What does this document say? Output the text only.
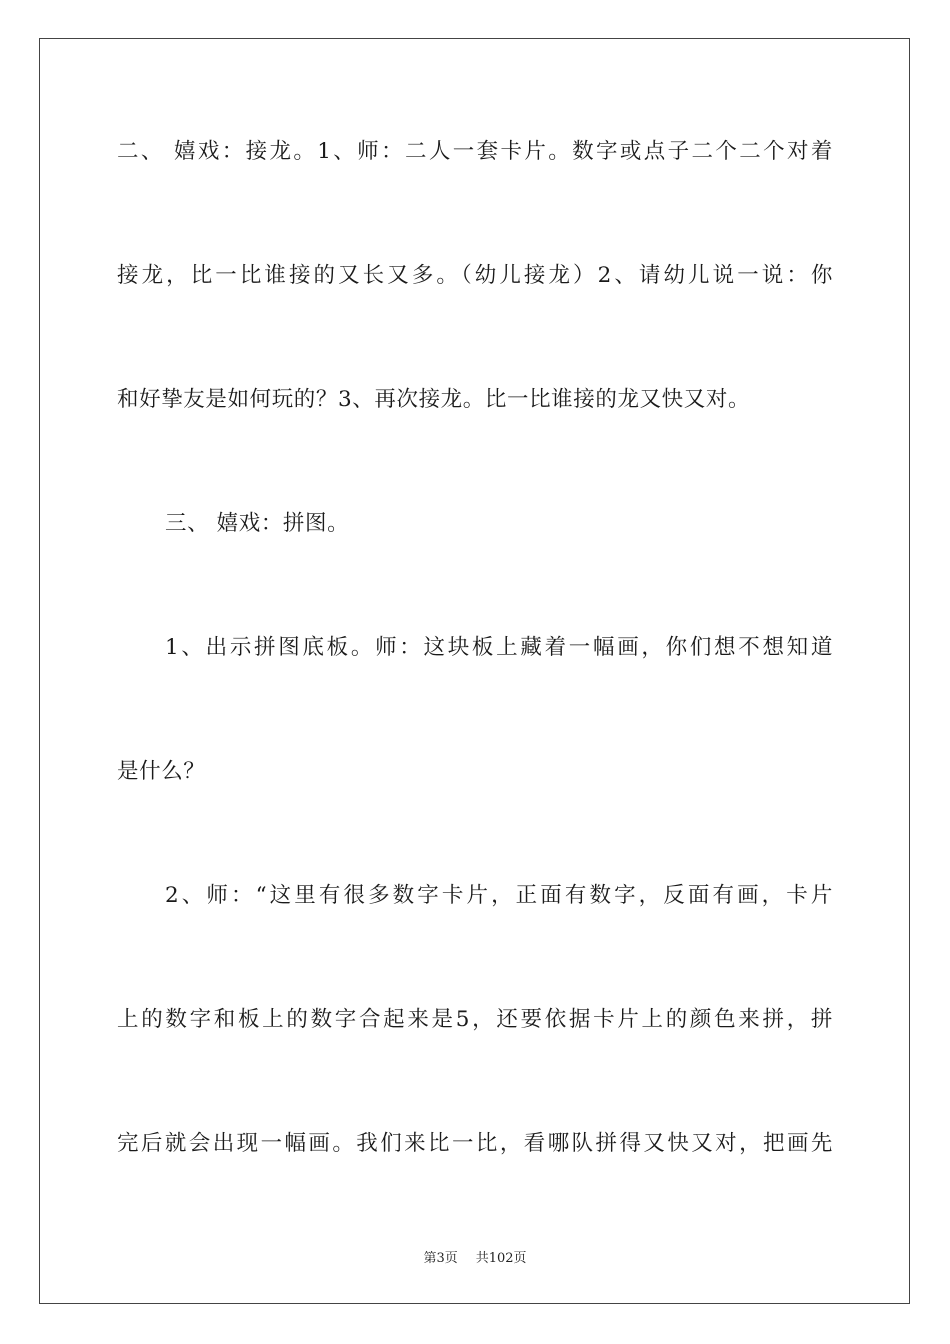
二、 嬉戏：接龙。1、师：二人一套卡片。数字或点子二个二个对着
接龙，比一比谁接的又长又多。（幼儿接龙）2、请幼儿说一说：你
和好挚友是如何玩的？3、再次接龙。比一比谁接的龙又快又对。
三、 嬉戏：拼图。
1、出示拼图底板。师：这块板上藏着一幅画，你们想不想知道
是什么？
2、师：“这里有很多数字卡片，正面有数字，反面有画，卡片
上的数字和板上的数字合起来是5，还要依据卡片上的颜色来拼，拼
完后就会出现一幅画。我们来比一比，看哪队拼得又快又对，把画先
第3页 共102页
